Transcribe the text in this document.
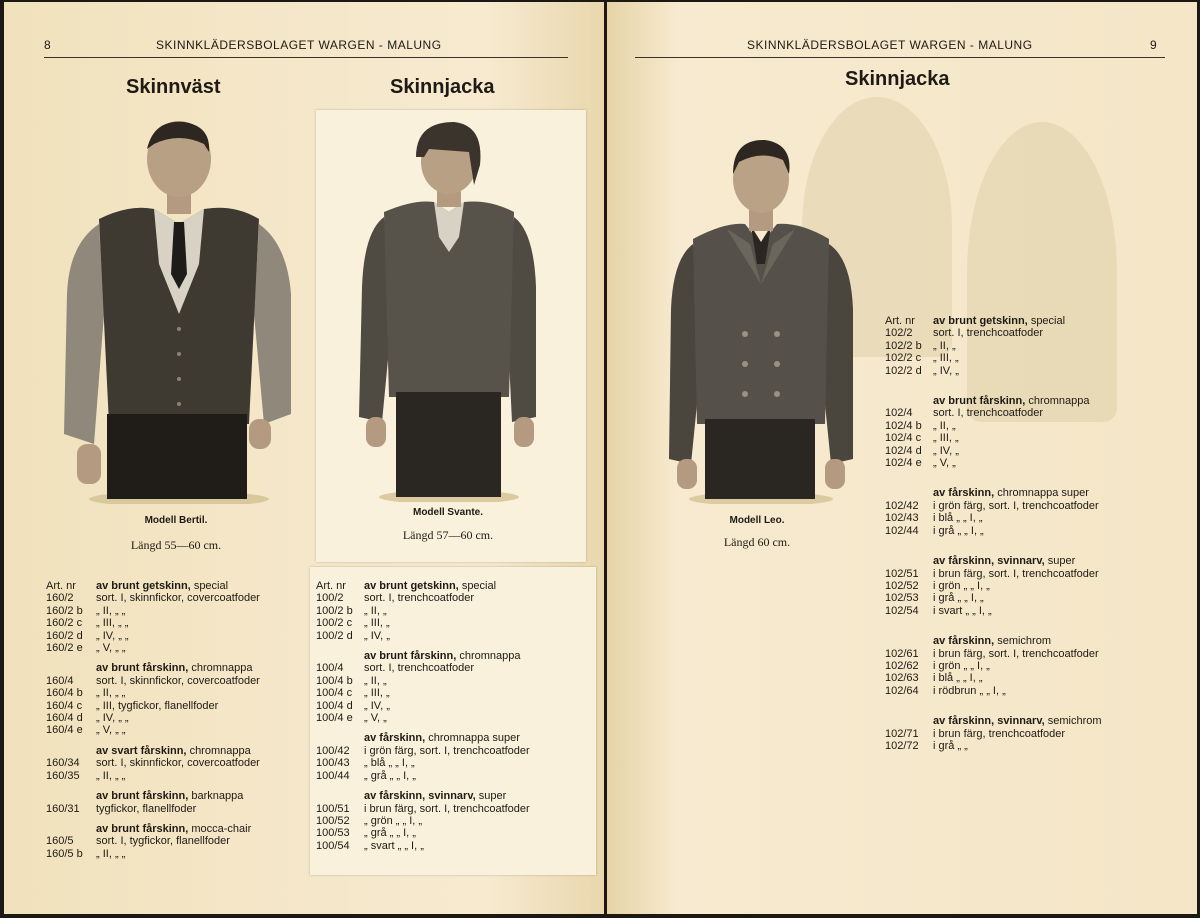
8	SKINNKLÄDERSBOLAGET WARGEN - MALUNG
Skinnväst
Modell Bertil.
Längd 55—60 cm.
Skinnjacka
Modell Svante.
Längd 57—60 cm.
Art. nr	av brunt getskinn, special
160/2	sort. I, skinnfickor, covercoatfoder
160/2 b	„ II, „ „
160/2 c	„ III, „ „
160/2 d	„ IV, „ „
160/2 e	„ V, „ „
av brunt fårskinn, chromnappa
160/4	sort. I, skinnfickor, covercoatfoder
160/4 b	„ II, „ „
160/4 c	„ III, tygfickor, flanellfoder
160/4 d	„ IV, „ „
160/4 e	„ V, „ „
av svart fårskinn, chromnappa
160/34	sort. I, skinnfickor, covercoatfoder
160/35	„ II, „ „
av brunt fårskinn, barknappa
160/31	tygfickor, flanellfoder
av brunt fårskinn, mocca-chair
160/5	sort. I, tygfickor, flanellfoder
160/5 b	„ II, „ „
Art. nr	av brunt getskinn, special
100/2	sort. I, trenchcoatfoder
100/2 b	„ II, „
100/2 c	„ III, „
100/2 d	„ IV, „
av brunt fårskinn, chromnappa
100/4	sort. I, trenchcoatfoder
100/4 b	„ II, „
100/4 c	„ III, „
100/4 d	„ IV, „
100/4 e	„ V, „
av fårskinn, chromnappa super
100/42	i grön färg, sort. I, trenchcoatfoder
100/43	„ blå „ „ I, „
100/44	„ grå „ „ I, „
av fårskinn, svinnarv, super
100/51	i brun färg, sort. I, trenchcoatfoder
100/52	„ grön „ „ I, „
100/53	„ grå „ „ I, „
100/54	„ svart „ „ I, „
SKINNKLÄDERSBOLAGET WARGEN - MALUNG	9
Skinnjacka
Modell Leo.
Längd 60 cm.
Art. nr	av brunt getskinn, special
102/2	sort. I, trenchcoatfoder
102/2 b	„ II, „
102/2 c	„ III, „
102/2 d	„ IV, „
av brunt fårskinn, chromnappa
102/4	sort. I, trenchcoatfoder
102/4 b	„ II, „
102/4 c	„ III, „
102/4 d	„ IV, „
102/4 e	„ V, „
av fårskinn, chromnappa super
102/42	i grön färg, sort. I, trenchcoatfoder
102/43	i blå „ „ I, „
102/44	i grå „ „ I, „
av fårskinn, svinnarv, super
102/51	i brun färg, sort. I, trenchcoatfoder
102/52	i grön „ „ I, „
102/53	i grå „ „ I, „
102/54	i svart „ „ I, „
av fårskinn, semichrom
102/61	i brun färg, sort. I, trenchcoatfoder
102/62	i grön „ „ I, „
102/63	i blå „ „ I, „
102/64	i rödbrun „ „ I, „
av fårskinn, svinnarv, semichrom
102/71	i brun färg, trenchcoatfoder
102/72	i grå „ „
